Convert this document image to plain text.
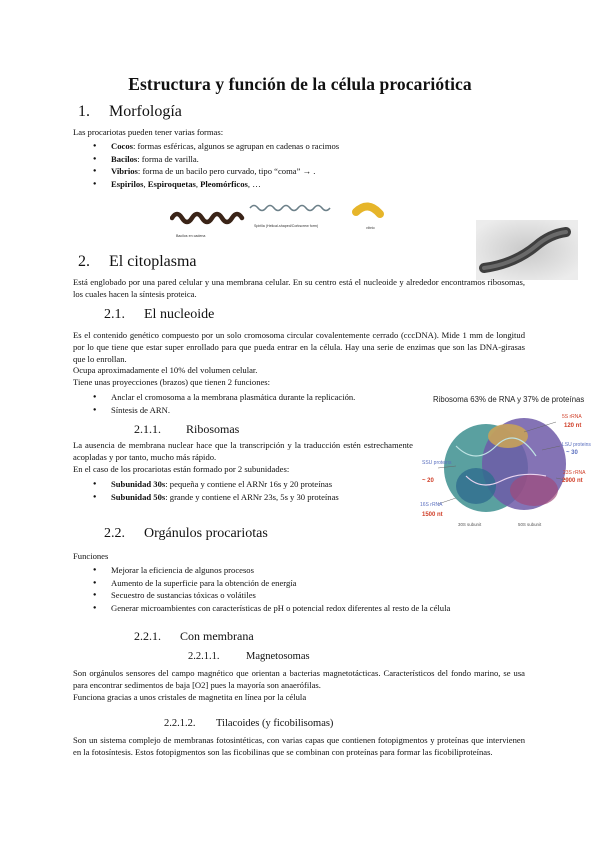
Estructura y función de la célula procariótica
1. Morfología
Las procariotas pueden tener varias formas:
● Cocos: formas esféricas, algunos se agrupan en cadenas o racimos
● Bacilos: forma de varilla.
● Vibrios: forma de un bacilo pero curvado, tipo “coma” → .
● Espirilos, Espiroquetas, Pleomórficos, …
Bacilos en cadena
Spirilla (Helical-shaped/Corkscrew form)	vibrio
2. El citoplasma
Está englobado por una pared celular y una membrana celular. En su centro está el nucleoide y alrededor encontramos ribosomas, los cuales hacen la síntesis proteica.
2.1. El nucleoide
Es el contenido genético compuesto por un solo cromosoma circular covalentemente cerrado (cccDNA). Mide 1 mm de longitud por lo que tiene que estar super enrollado para que pueda entrar en la célula. Hay una serie de enzimas que son las DNA-girasas que lo enrollan.
Ocupa aproximadamente el 10% del volumen celular.
Tiene unas proyecciones (brazos) que tienen 2 funciones:
● Anclar el cromosoma a la membrana plasmática durante la replicación.
● Síntesis de ARN.
2.1.1. Ribosomas
La ausencia de membrana nuclear hace que la transcripción y la traducción estén estrechamente acopladas y por tanto, mucho más rápido.
En el caso de los procariotas están formado por 2 subunidades:
● Subunidad 30s: pequeña y contiene el ARNr 16s y 20 proteínas
● Subunidad 50s: grande y contiene el ARNr 23s, 5s y 30 proteínas
Ribosoma 63% de RNA y 37% de proteínas
5S rRNA
120 nt
LSU proteins
~ 30
23S rRNA
2900 nt
SSU proteins
~ 20
16S rRNA
1500 nt
30S subunit	50S subunit
2.2. Orgánulos procariotas
Funciones
● Mejorar la eficiencia de algunos procesos
● Aumento de la superficie para la obtención de energía
● Secuestro de sustancias tóxicas o volátiles
● Generar microambientes con características de pH o potencial redox diferentes al resto de la célula
2.2.1. Con membrana
2.2.1.1.	Magnetosomas
Son orgánulos sensores del campo magnético que orientan a bacterias magnetotácticas. Característicos del fondo marino, se usa para encontrar sedimentos de baja [O2] pues la mayoría son anaerófilas.
Funciona gracias a unos cristales de magnetita en línea por la célula
2.2.1.2. Tilacoides (y ficobilisomas)
Son un sistema complejo de membranas fotosintéticas, con varias capas que contienen fotopigmentos y proteínas que intervienen en la fotosíntesis. Estos fotopigmentos son las ficobilinas que se combinan con proteínas para formar las ficobiliproteínas.
